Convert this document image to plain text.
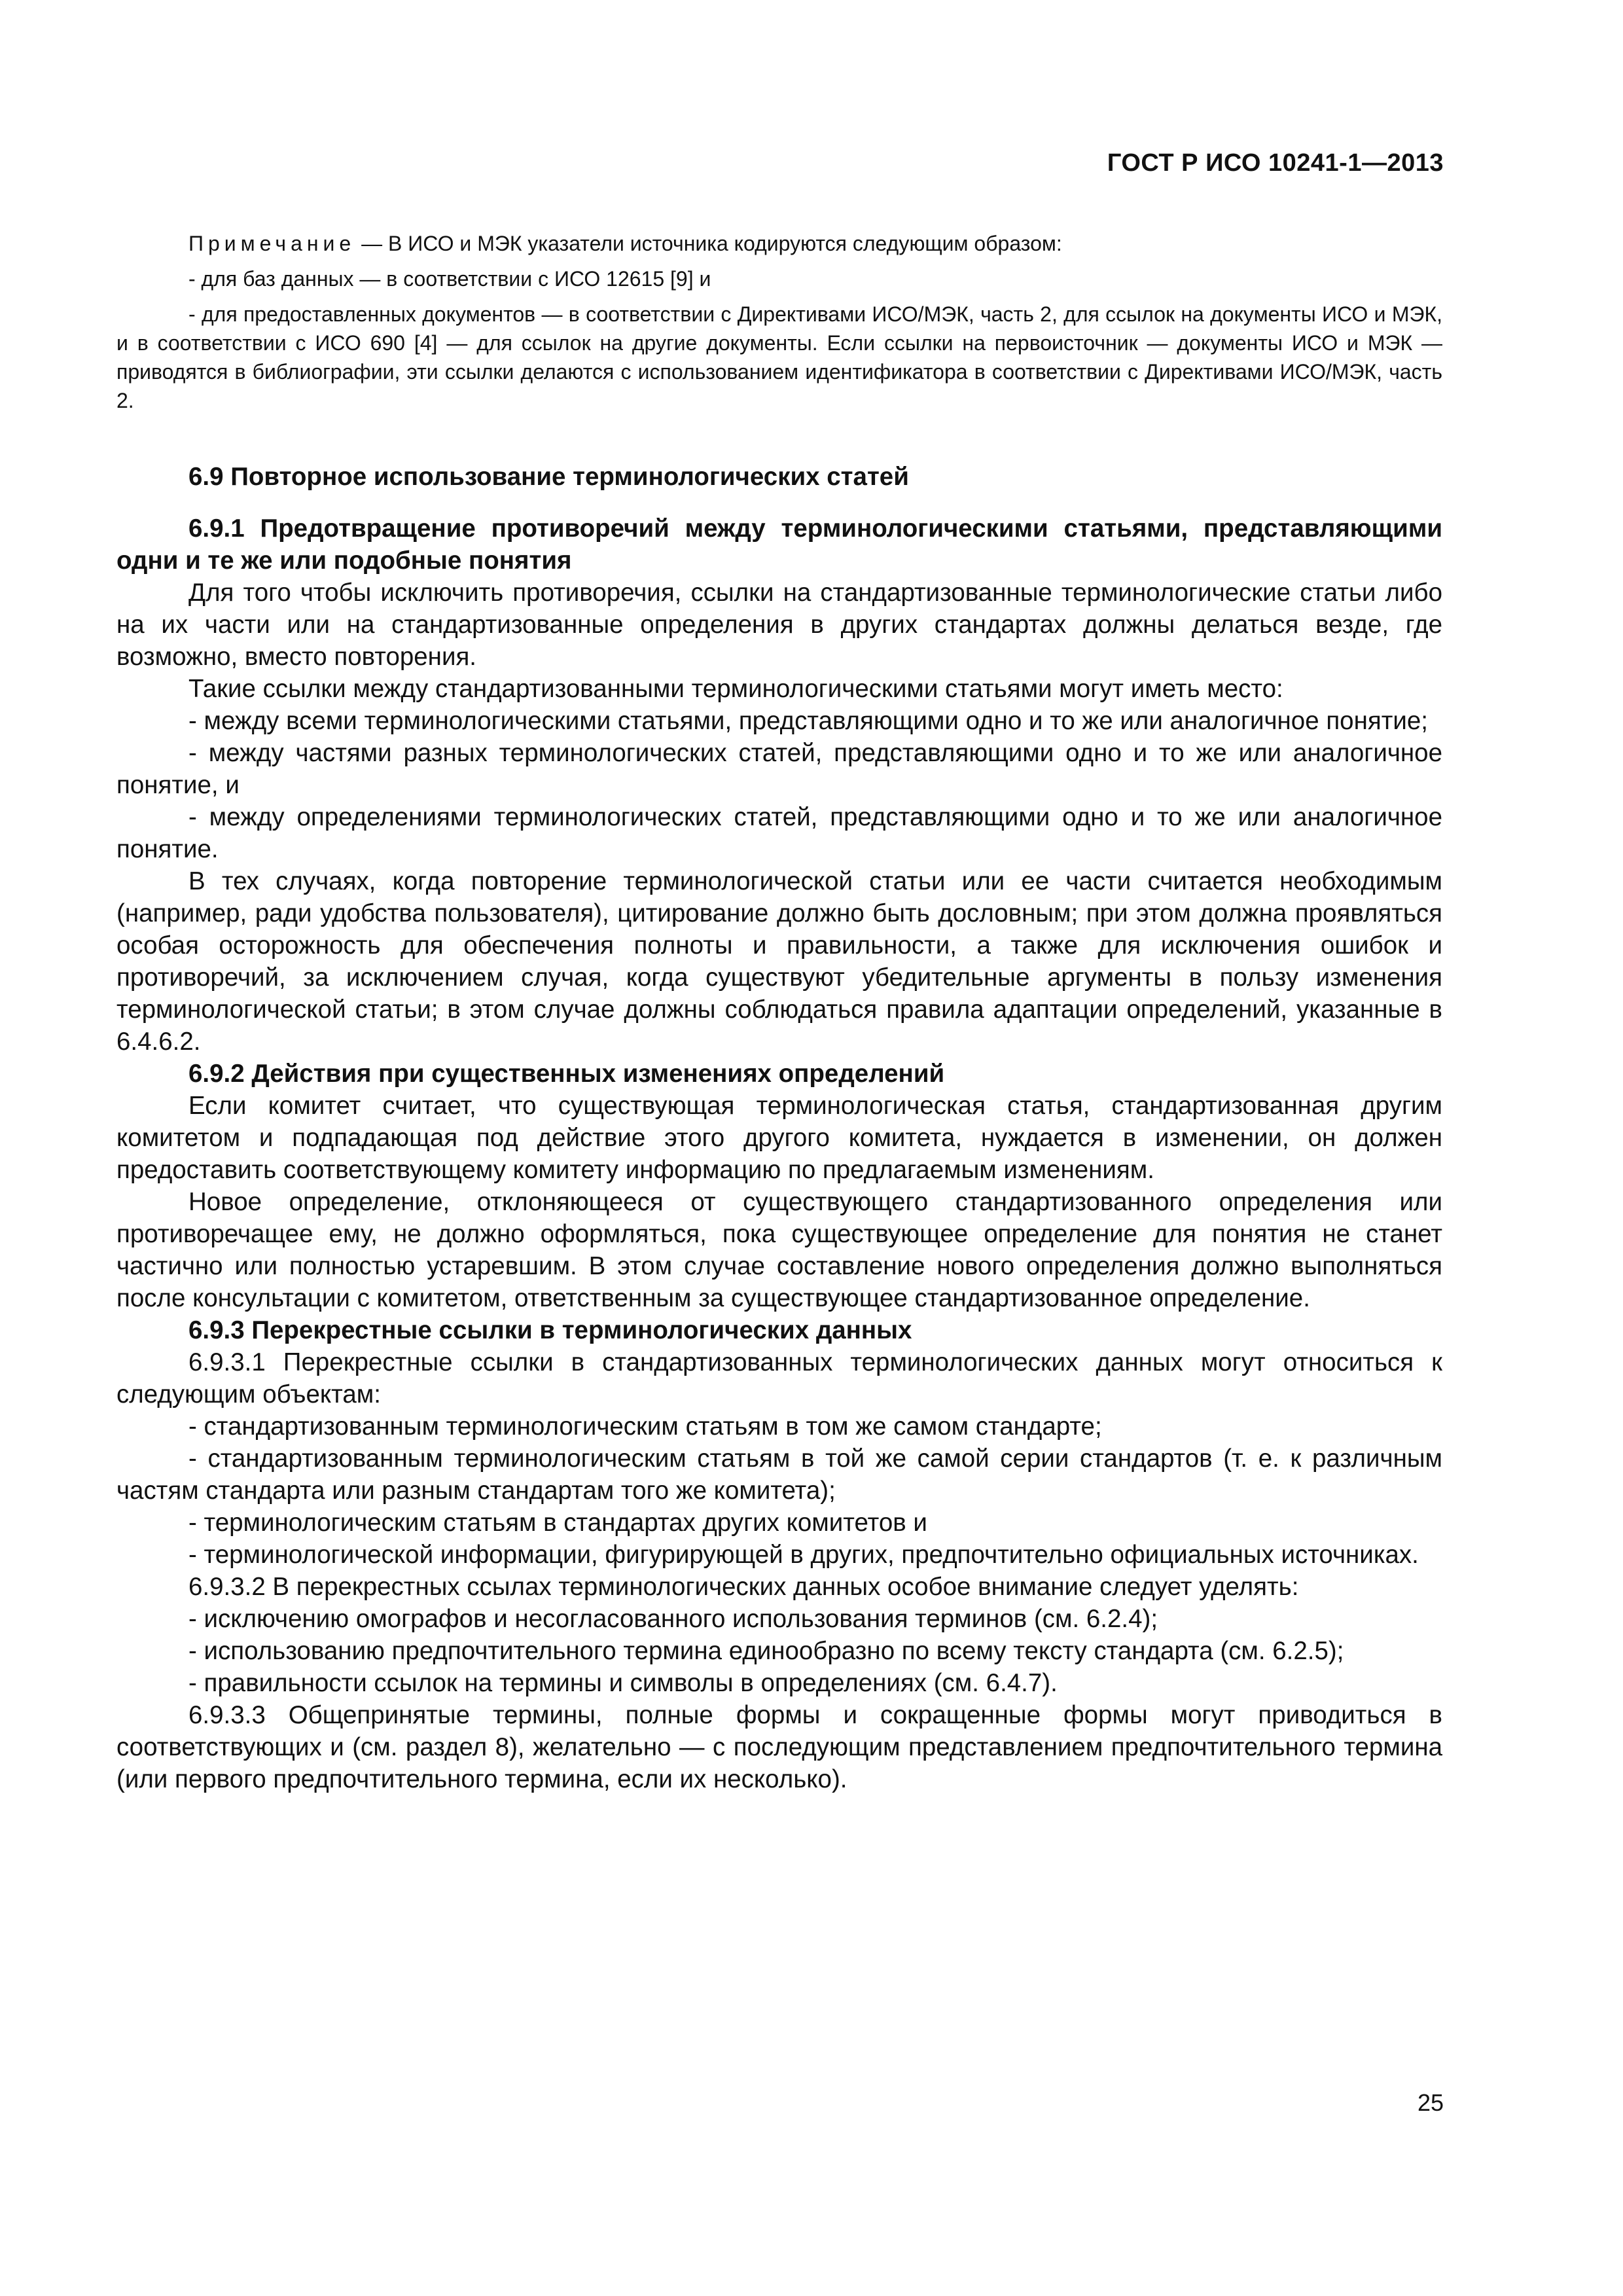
ГОСТ Р ИСО 10241-1—2013

Примечание — В ИСО и МЭК указатели источника кодируются следующим образом:

- для баз данных — в соответствии с ИСО 12615 [9] и

- для предоставленных документов — в соответствии с Директивами ИСО/МЭК, часть 2, для ссылок на документы ИСО и МЭК, и в соответствии с ИСО 690 [4] — для ссылок на другие документы. Если ссылки на первоисточник — документы ИСО и МЭК — приводятся в библиографии, эти ссылки делаются с использованием идентификатора в соответствии с Директивами ИСО/МЭК, часть 2.

6.9 Повторное использование терминологических статей

6.9.1 Предотвращение противоречий между терминологическими статьями, представляющими одни и те же или подобные понятия

Для того чтобы исключить противоречия, ссылки на стандартизованные терминологические статьи либо на их части или на стандартизованные определения в других стандартах должны делаться везде, где возможно, вместо повторения.

Такие ссылки между стандартизованными терминологическими статьями могут иметь место:

- между всеми терминологическими статьями, представляющими одно и то же или аналогичное понятие;

- между частями разных терминологических статей, представляющими одно и то же или аналогичное понятие, и

- между определениями терминологических статей, представляющими одно и то же или аналогичное понятие.

В тех случаях, когда повторение терминологической статьи или ее части считается необходимым (например, ради удобства пользователя), цитирование должно быть дословным; при этом должна проявляться особая осторожность для обеспечения полноты и правильности, а также для исключения ошибок и противоречий, за исключением случая, когда существуют убедительные аргументы в пользу изменения терминологической статьи; в этом случае должны соблюдаться правила адаптации определений, указанные в 6.4.6.2.

6.9.2 Действия при существенных изменениях определений

Если комитет считает, что существующая терминологическая статья, стандартизованная другим комитетом и подпадающая под действие этого другого комитета, нуждается в изменении, он должен предоставить соответствующему комитету информацию по предлагаемым изменениям.

Новое определение, отклоняющееся от существующего стандартизованного определения или противоречащее ему, не должно оформляться, пока существующее определение для понятия не станет частично или полностью устаревшим. В этом случае составление нового определения должно выполняться после консультации с комитетом, ответственным за существующее стандартизованное определение.

6.9.3 Перекрестные ссылки в терминологических данных

6.9.3.1 Перекрестные ссылки в стандартизованных терминологических данных могут относиться к следующим объектам:

- стандартизованным терминологическим статьям в том же самом стандарте;

- стандартизованным терминологическим статьям в той же самой серии стандартов (т. е. к различным частям стандарта или разным стандартам того же комитета);

- терминологическим статьям в стандартах других комитетов и

- терминологической информации, фигурирующей в других, предпочтительно официальных источниках.

6.9.3.2 В перекрестных ссылах терминологических данных особое внимание следует уделять:

- исключению омографов и несогласованного использования терминов (см. 6.2.4);

- использованию предпочтительного термина единообразно по всему тексту стандарта (см. 6.2.5);

- правильности ссылок на термины и символы в определениях (см. 6.4.7).

6.9.3.3 Общепринятые термины, полные формы и сокращенные формы могут приводиться в соответствующих и (см. раздел 8), желательно — с последующим представлением предпочтительного термина (или первого предпочтительного термина, если их несколько).

25
